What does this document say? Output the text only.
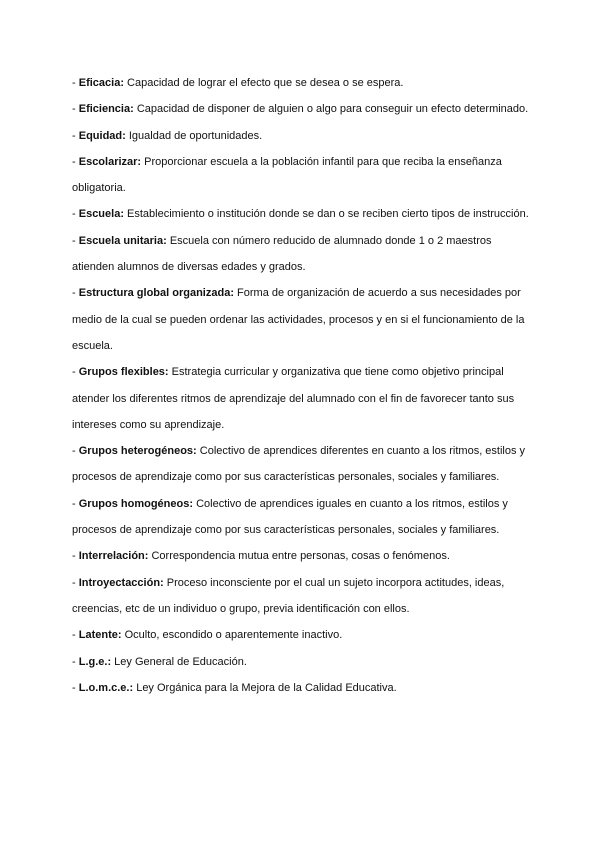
- Eficacia: Capacidad de lograr el efecto que se desea o se espera.
- Eficiencia: Capacidad de disponer de alguien o algo para conseguir un efecto determinado.
- Equidad: Igualdad de oportunidades.
- Escolarizar: Proporcionar escuela a la población infantil para que reciba la enseñanza obligatoria.
- Escuela: Establecimiento o institución donde se dan o se reciben cierto tipos de instrucción.
- Escuela unitaria: Escuela con número reducido de alumnado donde 1 o 2 maestros atienden alumnos de diversas edades y grados.
- Estructura global organizada: Forma de organización de acuerdo a sus necesidades por medio de la cual se pueden ordenar las actividades, procesos y en si el funcionamiento de la escuela.
- Grupos flexibles: Estrategia curricular y organizativa que tiene como objetivo principal atender los diferentes ritmos de aprendizaje del alumnado con el fin de favorecer tanto sus intereses como su aprendizaje.
- Grupos heterogéneos: Colectivo de aprendices diferentes en cuanto a los ritmos, estilos y procesos de aprendizaje como por sus características personales, sociales y familiares.
- Grupos homogéneos: Colectivo de aprendices iguales en cuanto a los ritmos, estilos y procesos de aprendizaje como por sus características personales, sociales y familiares.
- Interrelación: Correspondencia mutua entre personas, cosas o fenómenos.
- Introyectacción: Proceso inconsciente por el cual un sujeto incorpora actitudes, ideas, creencias, etc de un individuo o grupo, previa identificación con ellos.
- Latente: Oculto, escondido o aparentemente inactivo.
- L.g.e.: Ley General de Educación.
- L.o.m.c.e.: Ley Orgánica para la Mejora de la Calidad Educativa.
